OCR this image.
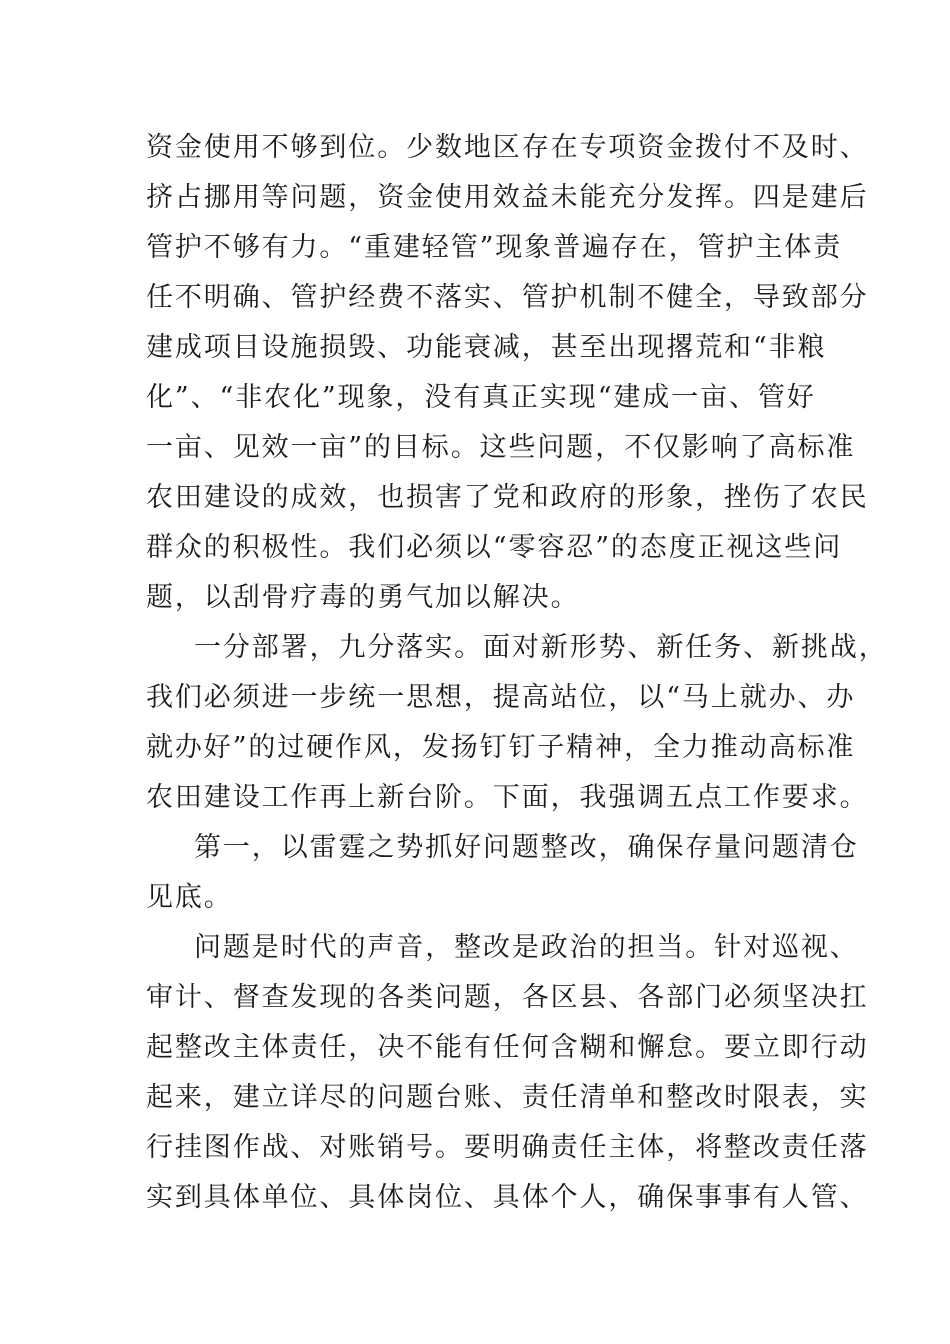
资金使用不够到位。少数地区存在专项资金拨付不及时、
挤占挪用等问题，资金使用效益未能充分发挥。四是建后
管护不够有力。“重建轻管”现象普遍存在，管护主体责
任不明确、管护经费不落实、管护机制不健全，导致部分
建成项目设施损毁、功能衰减，甚至出现撂荒和“非粮
化”、“非农化”现象，没有真正实现“建成一亩、管好
一亩、见效一亩”的目标。这些问题，不仅影响了高标准
农田建设的成效，也损害了党和政府的形象，挫伤了农民
群众的积极性。我们必须以“零容忍”的态度正视这些问
题，以刮骨疗毒的勇气加以解决。
一分部署，九分落实。面对新形势、新任务、新挑战，
我们必须进一步统一思想，提高站位，以“马上就办、办
就办好”的过硬作风，发扬钉钉子精神，全力推动高标准
农田建设工作再上新台阶。下面，我强调五点工作要求。
第一，以雷霆之势抓好问题整改，确保存量问题清仓
见底。
问题是时代的声音，整改是政治的担当。针对巡视、
审计、督查发现的各类问题，各区县、各部门必须坚决扛
起整改主体责任，决不能有任何含糊和懈怠。要立即行动
起来，建立详尽的问题台账、责任清单和整改时限表，实
行挂图作战、对账销号。要明确责任主体，将整改责任落
实到具体单位、具体岗位、具体个人，确保事事有人管、
